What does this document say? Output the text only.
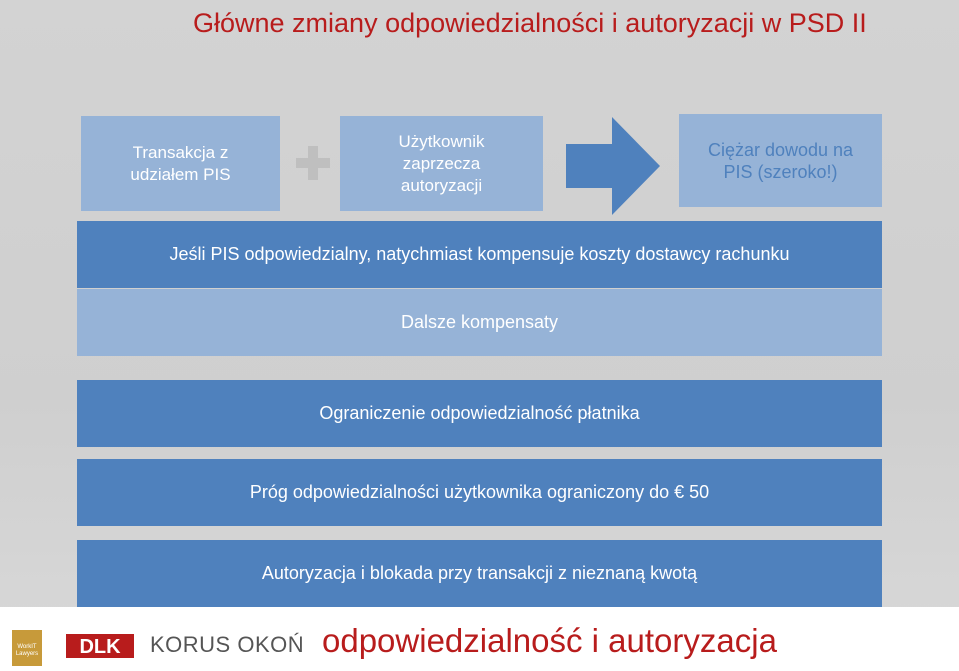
Główne zmiany odpowiedzialności i autoryzacji w PSD II
Transakcja z
udziałem PIS
Użytkownik
zaprzecza
autoryzacji
Ciężar dowodu na
PIS (szeroko!)
Jeśli PIS odpowiedzialny, natychmiast kompensuje koszty dostawcy rachunku
Dalsze kompensaty
Ograniczenie odpowiedzialność płatnika
Próg odpowiedzialności użytkownika ograniczony do € 50
Autoryzacja i blokada przy transakcji z nieznaną kwotą
WorkIT Lawyers DLK KORUS OKOŃ odpowiedzialność i autoryzacja
